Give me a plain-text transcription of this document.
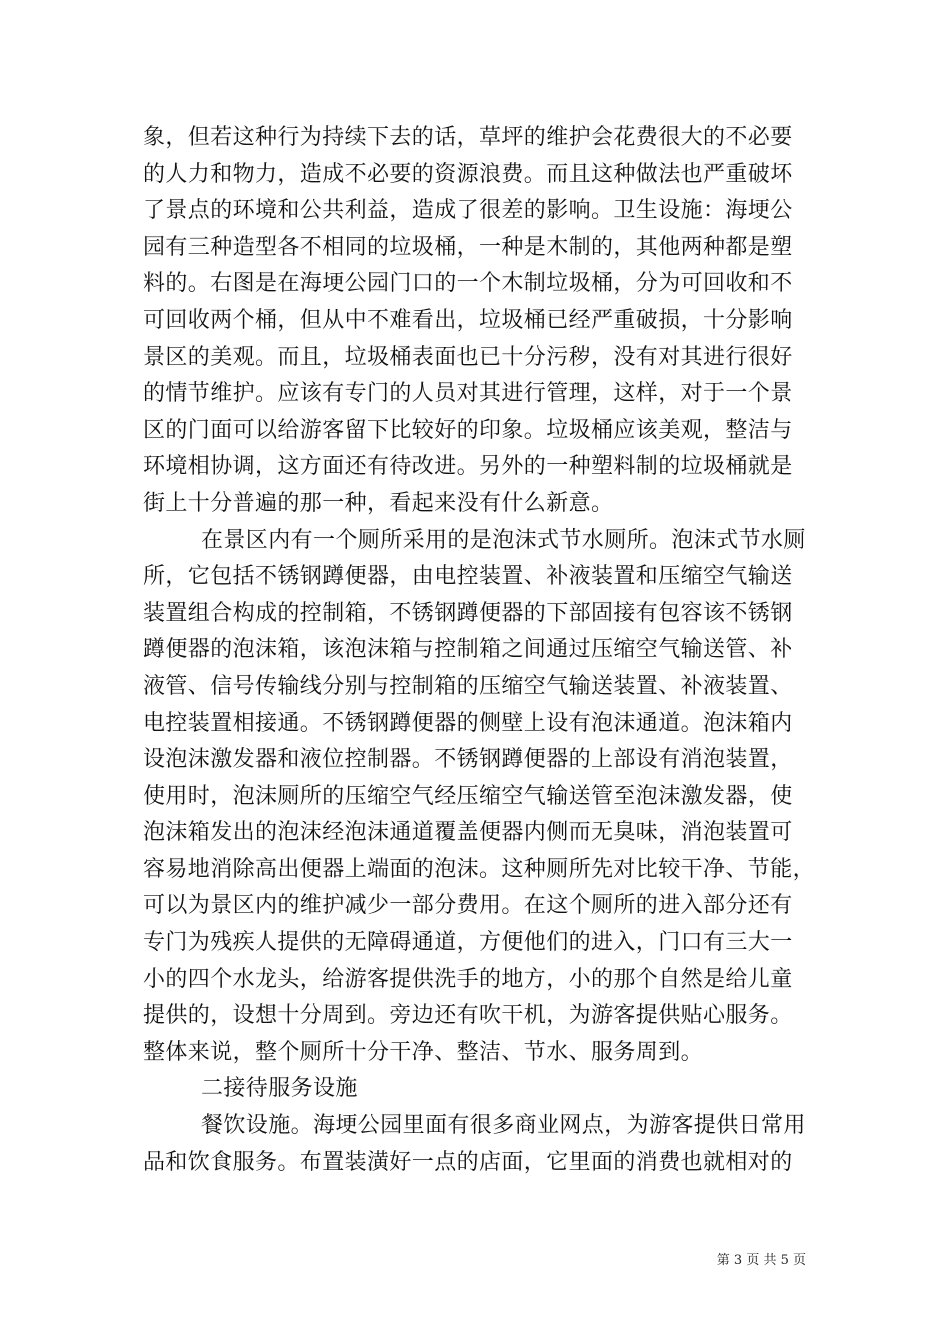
象，但若这种行为持续下去的话，草坪的维护会花费很大的不必要
的人力和物力，造成不必要的资源浪费。而且这种做法也严重破坏
了景点的环境和公共利益，造成了很差的影响。卫生设施：海埂公
园有三种造型各不相同的垃圾桶，一种是木制的，其他两种都是塑
料的。右图是在海埂公园门口的一个木制垃圾桶，分为可回收和不
可回收两个桶，但从中不难看出，垃圾桶已经严重破损，十分影响
景区的美观。而且，垃圾桶表面也已十分污秽，没有对其进行很好
的情节维护。应该有专门的人员对其进行管理，这样，对于一个景
区的门面可以给游客留下比较好的印象。垃圾桶应该美观，整洁与
环境相协调，这方面还有待改进。另外的一种塑料制的垃圾桶就是
街上十分普遍的那一种，看起来没有什么新意。
在景区内有一个厕所采用的是泡沫式节水厕所。泡沫式节水厕
所，它包括不锈钢蹲便器，由电控装置、补液装置和压缩空气输送
装置组合构成的控制箱，不锈钢蹲便器的下部固接有包容该不锈钢
蹲便器的泡沫箱，该泡沫箱与控制箱之间通过压缩空气输送管、补
液管、信号传输线分别与控制箱的压缩空气输送装置、补液装置、
电控装置相接通。不锈钢蹲便器的侧壁上设有泡沫通道。泡沫箱内
设泡沫激发器和液位控制器。不锈钢蹲便器的上部设有消泡装置，
使用时，泡沫厕所的压缩空气经压缩空气输送管至泡沫激发器，使
泡沫箱发出的泡沫经泡沫通道覆盖便器内侧而无臭味，消泡装置可
容易地消除高出便器上端面的泡沫。这种厕所先对比较干净、节能，
可以为景区内的维护减少一部分费用。在这个厕所的进入部分还有
专门为残疾人提供的无障碍通道，方便他们的进入，门口有三大一
小的四个水龙头，给游客提供洗手的地方，小的那个自然是给儿童
提供的，设想十分周到。旁边还有吹干机，为游客提供贴心服务。
整体来说，整个厕所十分干净、整洁、节水、服务周到。
二接待服务设施
餐饮设施。海埂公园里面有很多商业网点，为游客提供日常用
品和饮食服务。布置装潢好一点的店面，它里面的消费也就相对的
第 3 页 共 5 页
